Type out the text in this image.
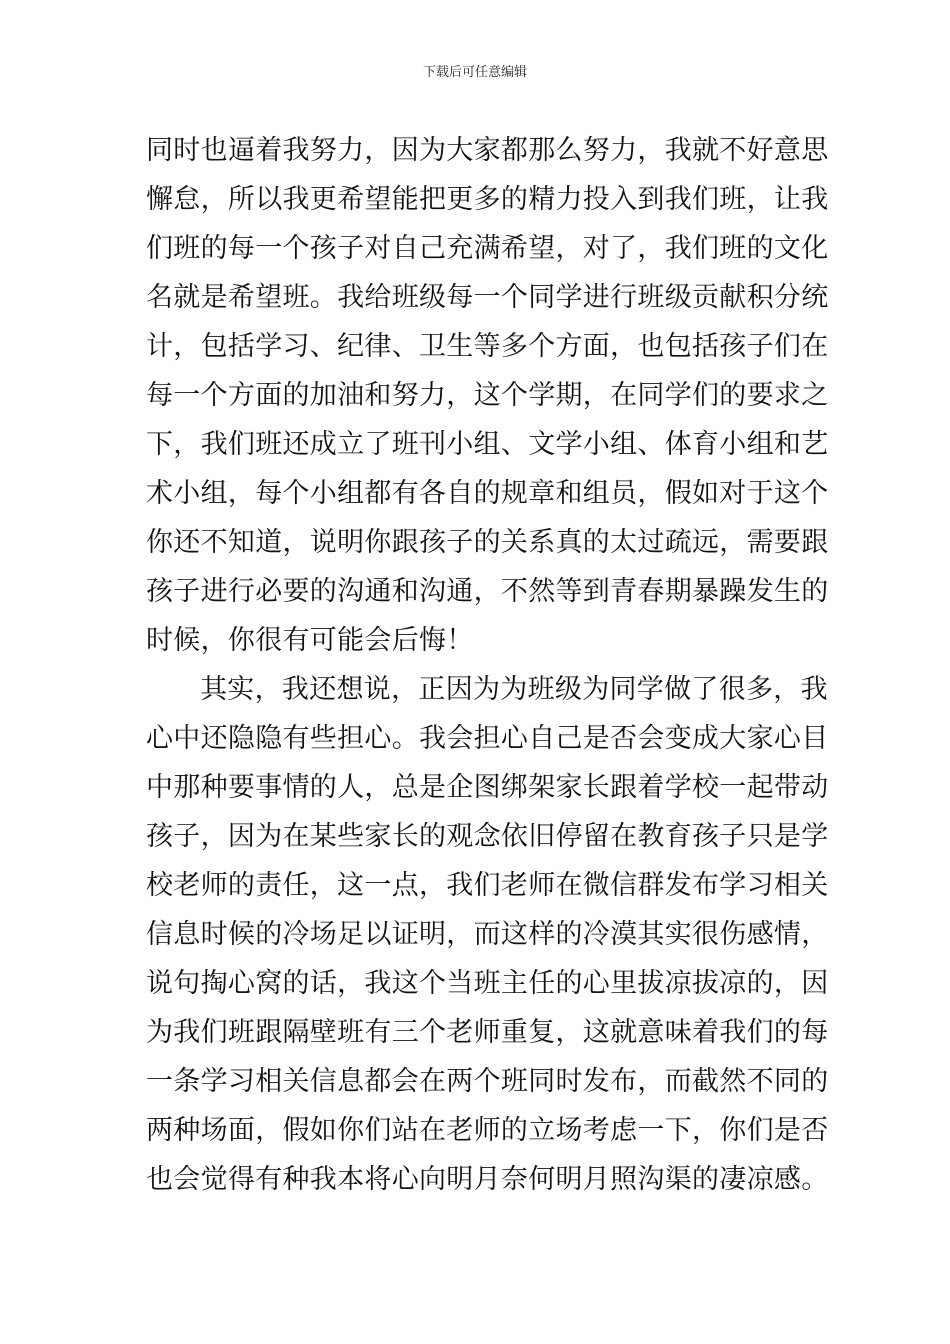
下载后可任意编辑
同时也逼着我努力，因为大家都那么努力，我就不好意思
懈怠，所以我更希望能把更多的精力投入到我们班，让我
们班的每一个孩子对自己充满希望，对了，我们班的文化
名就是希望班。我给班级每一个同学进行班级贡献积分统
计，包括学习、纪律、卫生等多个方面，也包括孩子们在
每一个方面的加油和努力，这个学期，在同学们的要求之
下，我们班还成立了班刊小组、文学小组、体育小组和艺
术小组，每个小组都有各自的规章和组员，假如对于这个
你还不知道，说明你跟孩子的关系真的太过疏远，需要跟
孩子进行必要的沟通和沟通，不然等到青春期暴躁发生的
时候，你很有可能会后悔！
其实，我还想说，正因为为班级为同学做了很多，我
心中还隐隐有些担心。我会担心自己是否会变成大家心目
中那种要事情的人，总是企图绑架家长跟着学校一起带动
孩子，因为在某些家长的观念依旧停留在教育孩子只是学
校老师的责任，这一点，我们老师在微信群发布学习相关
信息时候的冷场足以证明，而这样的冷漠其实很伤感情，
说句掏心窝的话，我这个当班主任的心里拔凉拔凉的，因
为我们班跟隔壁班有三个老师重复，这就意味着我们的每
一条学习相关信息都会在两个班同时发布，而截然不同的
两种场面，假如你们站在老师的立场考虑一下，你们是否
也会觉得有种我本将心向明月奈何明月照沟渠的凄凉感。
